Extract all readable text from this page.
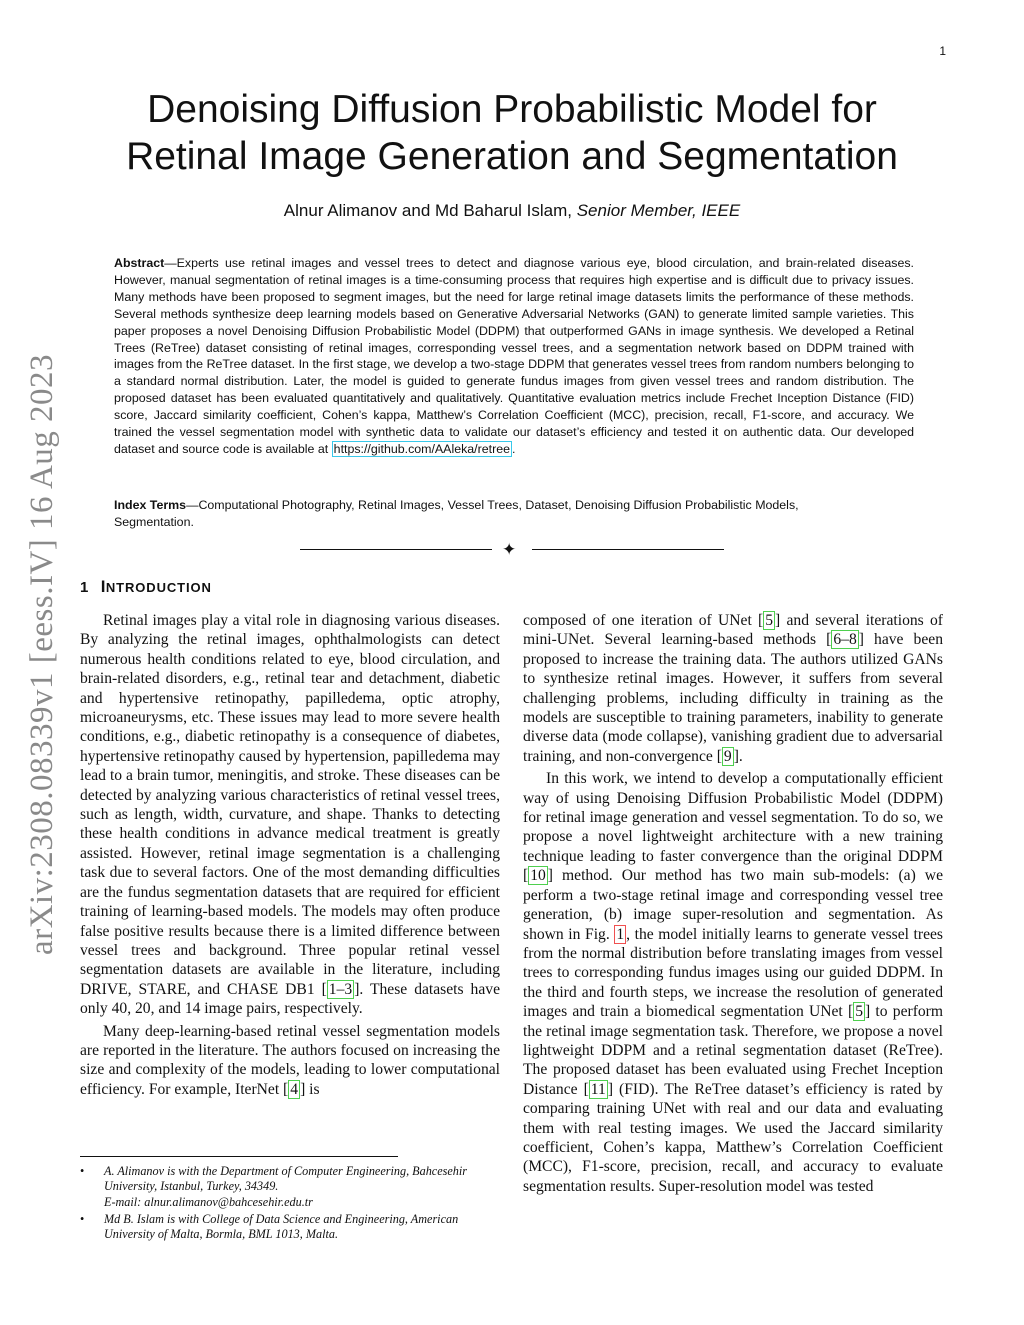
1
arXiv:2308.08339v1 [eess.IV] 16 Aug 2023
Denoising Diffusion Probabilistic Model for
Retinal Image Generation and Segmentation
Alnur Alimanov and Md Baharul Islam, Senior Member, IEEE

Abstract—Experts use retinal images and vessel trees to detect and diagnose various eye, blood circulation, and brain-related diseases. However, manual segmentation of retinal images is a time-consuming process that requires high expertise and is difficult due to privacy issues. Many methods have been proposed to segment images, but the need for large retinal image datasets limits the performance of these methods. Several methods synthesize deep learning models based on Generative Adversarial Networks (GAN) to generate limited sample varieties. This paper proposes a novel Denoising Diffusion Probabilistic Model (DDPM) that outperformed GANs in image synthesis. We developed a Retinal Trees (ReTree) dataset consisting of retinal images, corresponding vessel trees, and a segmentation network based on DDPM trained with images from the ReTree dataset. In the first stage, we develop a two-stage DDPM that generates vessel trees from random numbers belonging to a standard normal distribution. Later, the model is guided to generate fundus images from given vessel trees and random distribution. The proposed dataset has been evaluated quantitatively and qualitatively. Quantitative evaluation metrics include Frechet Inception Distance (FID) score, Jaccard similarity coefficient, Cohen’s kappa, Matthew’s Correlation Coefficient (MCC), precision, recall, F1-score, and accuracy. We trained the vessel segmentation model with synthetic data to validate our dataset’s efficiency and tested it on authentic data. Our developed dataset and source code is available at https://github.com/AAleka/retree .

Index Terms—Computational Photography, Retinal Images, Vessel Trees, Dataset, Denoising Diffusion Probabilistic Models, Segmentation.

✦
1 INTRODUCTION

Retinal images play a vital role in diagnosing various diseases. By analyzing the retinal images, ophthalmologists can detect numerous health conditions related to eye, blood circulation, and brain-related disorders, e.g., retinal tear and detachment, diabetic and hypertensive retinopathy, papilledema, optic atrophy, microaneurysms, etc. These issues may lead to more severe health conditions, e.g., diabetic retinopathy is a consequence of diabetes, hypertensive retinopathy caused by hypertension, papilledema may lead to a brain tumor, meningitis, and stroke. These diseases can be detected by analyzing various characteristics of retinal vessel trees, such as length, width, curvature, and shape. Thanks to detecting these health conditions in advance medical treatment is greatly assisted. However, retinal image segmentation is a challenging task due to several factors. One of the most demanding difficulties are the fundus segmentation datasets that are required for efficient training of learning-based models. The models may often produce false positive results because there is a limited difference between vessel trees and background. Three popular retinal vessel segmentation datasets are available in the literature, including DRIVE, STARE, and CHASE DB1 [ 1–3 ]. These datasets have only 40, 20, and 14 image pairs, respectively.

Many deep-learning-based retinal vessel segmentation models are reported in the literature. The authors focused on increasing the size and complexity of the models, leading to lower computational efficiency. For example, IterNet [ 4 ] is

• A. Alimanov is with the Department of Computer Engineering, Bahcesehir University, Istanbul, Turkey, 34349.
E-mail: alnur.alimanov@bahcesehir.edu.tr
• Md B. Islam is with College of Data Science and Engineering, American University of Malta, Bormla, BML 1013, Malta.

composed of one iteration of UNet [ 5 ] and several iterations of mini-UNet. Several learning-based methods [ 6–8 ] have been proposed to increase the training data. The authors utilized GANs to synthesize retinal images. However, it suffers from several challenging problems, including difficulty in training as the models are susceptible to training parameters, inability to generate diverse data (mode collapse), vanishing gradient due to adversarial training, and non-convergence [ 9 ].

In this work, we intend to develop a computationally efficient way of using Denoising Diffusion Probabilistic Model (DDPM) for retinal image generation and vessel segmentation. To do so, we propose a novel lightweight architecture with a new training technique leading to faster convergence than the original DDPM [ 10 ] method. Our method has two main sub-models: (a) we perform a two-stage retinal image and corresponding vessel tree generation, (b) image super-resolution and segmentation. As shown in Fig. 1 , the model initially learns to generate vessel trees from the normal distribution before translating images from vessel trees to corresponding fundus images using our guided DDPM. In the third and fourth steps, we increase the resolution of generated images and train a biomedical segmentation UNet [ 5 ] to perform the retinal image segmentation task. Therefore, we propose a novel lightweight DDPM and a retinal segmentation dataset (ReTree). The proposed dataset has been evaluated using Frechet Inception Distance [ 11 ] (FID). The ReTree dataset’s efficiency is rated by comparing training UNet with real and our data and evaluating them with real testing images. We used the Jaccard similarity coefficient, Cohen’s kappa, Matthew’s Correlation Coefficient (MCC), F1-score, precision, recall, and accuracy to evaluate segmentation results. Super-resolution model was tested
